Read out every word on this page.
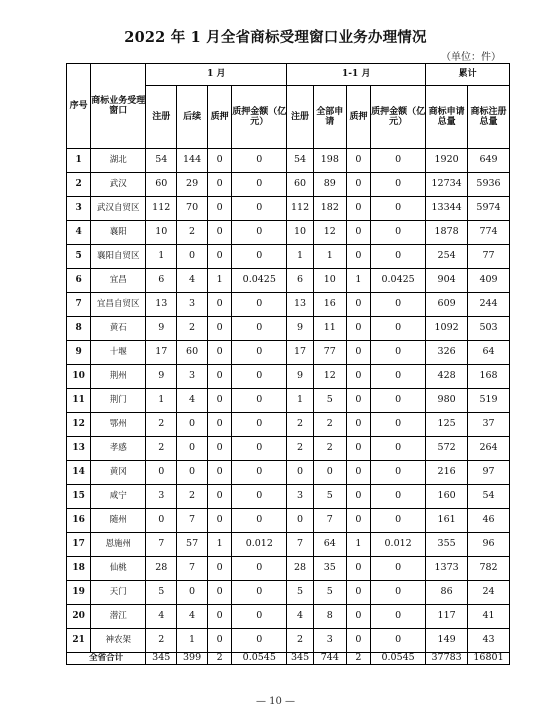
2022 年 1 月全省商标受理窗口业务办理情况
（单位：件）
序号	商标业务受理窗口	1 月				1-1 月				累计	
		注册	后续	质押	质押金额（亿元）	注册	全部申请	质押	质押金额（亿元）	商标申请总量	商标注册总量
1	湖北	54	144	0	0	54	198	0	0	1920	649
2	武汉	60	29	0	0	60	89	0	0	12734	5936
3	武汉自贸区	112	70	0	0	112	182	0	0	13344	5974
4	襄阳	10	2	0	0	10	12	0	0	1878	774
5	襄阳自贸区	1	0	0	0	1	1	0	0	254	77
6	宜昌	6	4	1	0.0425	6	10	1	0.0425	904	409
7	宜昌自贸区	13	3	0	0	13	16	0	0	609	244
8	黄石	9	2	0	0	9	11	0	0	1092	503
9	十堰	17	60	0	0	17	77	0	0	326	64
10	荆州	9	3	0	0	9	12	0	0	428	168
11	荆门	1	4	0	0	1	5	0	0	980	519
12	鄂州	2	0	0	0	2	2	0	0	125	37
13	孝感	2	0	0	0	2	2	0	0	572	264
14	黄冈	0	0	0	0	0	0	0	0	216	97
15	咸宁	3	2	0	0	3	5	0	0	160	54
16	随州	0	7	0	0	0	7	0	0	161	46
17	恩施州	7	57	1	0.012	7	64	1	0.012	355	96
18	仙桃	28	7	0	0	28	35	0	0	1373	782
19	天门	5	0	0	0	5	5	0	0	86	24
20	潜江	4	4	0	0	4	8	0	0	117	41
21	神农架	2	1	0	0	2	3	0	0	149	43
全省合计		345	399	2	0.0545	345	744	2	0.0545	37783	16801
— 10 —
